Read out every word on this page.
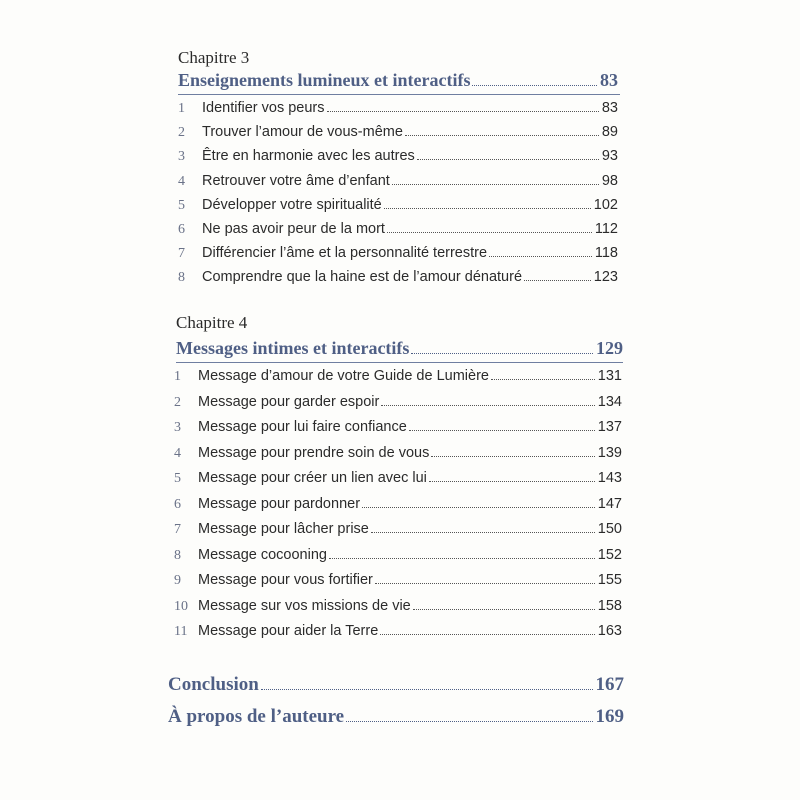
Chapitre 3
Enseignements lumineux et interactifs	83
1	Identifier vos peurs	83
2	Trouver l’amour de vous-même	89
3	Être en harmonie avec les autres	93
4	Retrouver votre âme d’enfant	98
5	Développer votre spiritualité	102
6	Ne pas avoir peur de la mort	112
7	Différencier l’âme et la personnalité terrestre	118
8	Comprendre que la haine est de l’amour dénaturé	123
Chapitre 4
Messages intimes et interactifs	129
1	Message d’amour de votre Guide de Lumière	131
2	Message pour garder espoir	134
3	Message pour lui faire confiance	137
4	Message pour prendre soin de vous	139
5	Message pour créer un lien avec lui	143
6	Message pour pardonner	147
7	Message pour lâcher prise	150
8	Message cocooning	152
9	Message pour vous fortifier	155
10 Message sur vos missions de vie	158
11 Message pour aider la Terre	163
Conclusion	167
À propos de l’auteure	169
